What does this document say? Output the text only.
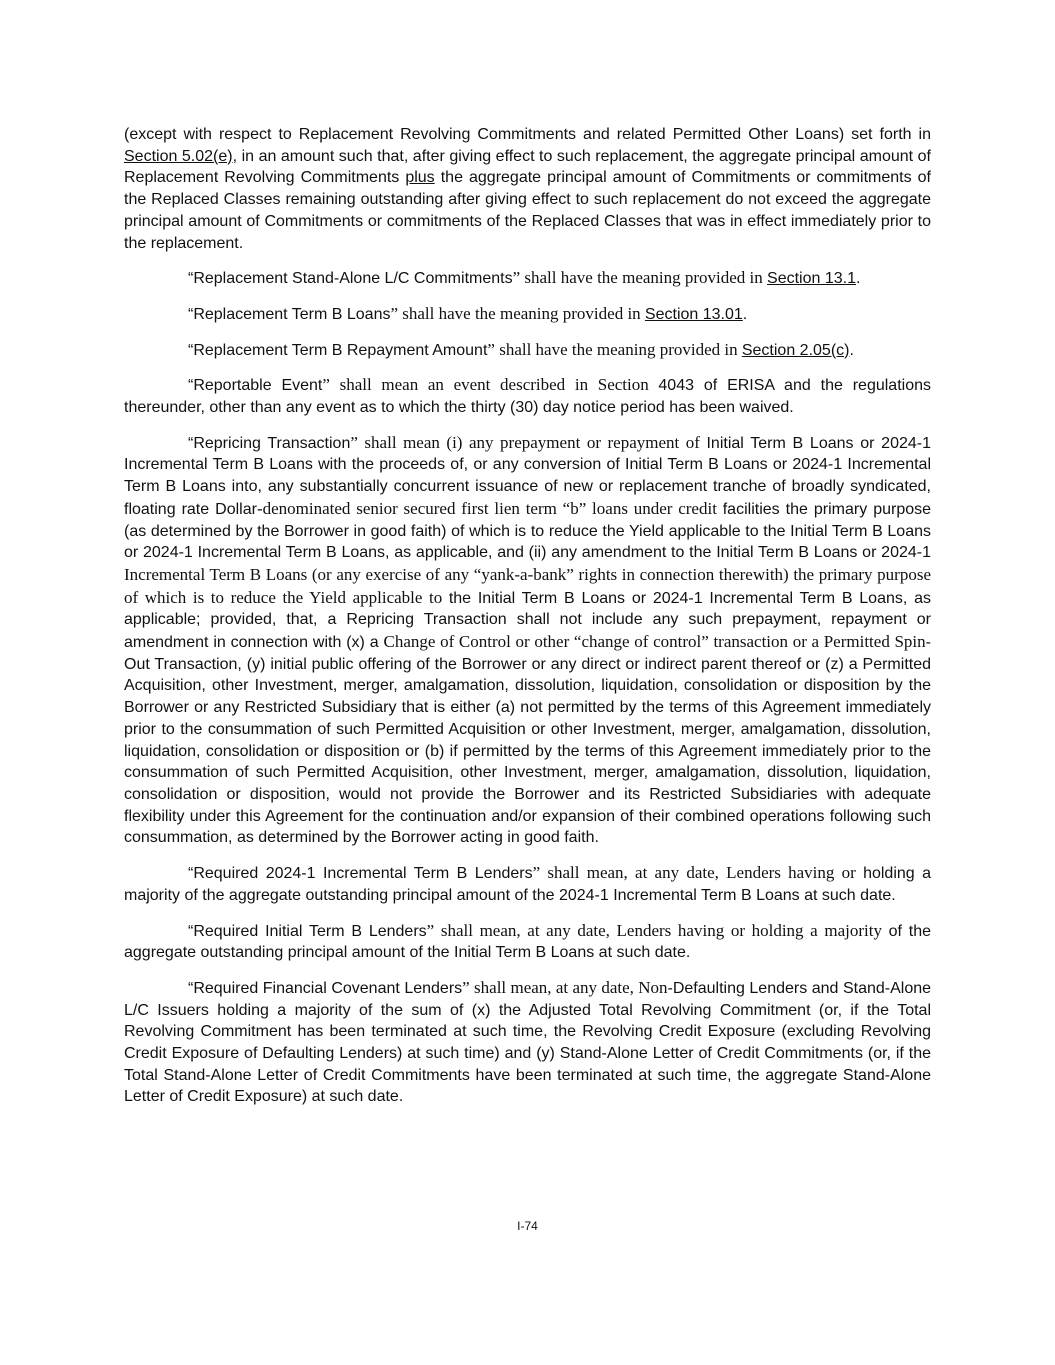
(except with respect to Replacement Revolving Commitments and related Permitted Other Loans) set forth in Section 5.02(e), in an amount such that, after giving effect to such replacement, the aggregate principal amount of Replacement Revolving Commitments plus the aggregate principal amount of Commitments or commitments of the Replaced Classes remaining outstanding after giving effect to such replacement do not exceed the aggregate principal amount of Commitments or commitments of the Replaced Classes that was in effect immediately prior to the replacement.

“Replacement Stand-Alone L/C Commitments” shall have the meaning provided in Section 13.1.

“Replacement Term B Loans” shall have the meaning provided in Section 13.01.

“Replacement Term B Repayment Amount” shall have the meaning provided in Section 2.05(c).

“Reportable Event” shall mean an event described in Section 4043 of ERISA and the regulations thereunder, other than any event as to which the thirty (30) day notice period has been waived.

“Repricing Transaction” shall mean (i) any prepayment or repayment of Initial Term B Loans or 2024-1 Incremental Term B Loans with the proceeds of, or any conversion of Initial Term B Loans or 2024-1 Incremental Term B Loans into, any substantially concurrent issuance of new or replacement tranche of broadly syndicated, floating rate Dollar-denominated senior secured first lien term “b” loans under credit facilities the primary purpose (as determined by the Borrower in good faith) of which is to reduce the Yield applicable to the Initial Term B Loans or 2024-1 Incremental Term B Loans, as applicable, and (ii) any amendment to the Initial Term B Loans or 2024-1 Incremental Term B Loans (or any exercise of any “yank-a-bank” rights in connection therewith) the primary purpose of which is to reduce the Yield applicable to the Initial Term B Loans or 2024-1 Incremental Term B Loans, as applicable; provided, that, a Repricing Transaction shall not include any such prepayment, repayment or amendment in connection with (x) a Change of Control or other “change of control” transaction or a Permitted Spin-Out Transaction, (y) initial public offering of the Borrower or any direct or indirect parent thereof or (z) a Permitted Acquisition, other Investment, merger, amalgamation, dissolution, liquidation, consolidation or disposition by the Borrower or any Restricted Subsidiary that is either (a) not permitted by the terms of this Agreement immediately prior to the consummation of such Permitted Acquisition or other Investment, merger, amalgamation, dissolution, liquidation, consolidation or disposition or (b) if permitted by the terms of this Agreement immediately prior to the consummation of such Permitted Acquisition, other Investment, merger, amalgamation, dissolution, liquidation, consolidation or disposition, would not provide the Borrower and its Restricted Subsidiaries with adequate flexibility under this Agreement for the continuation and/or expansion of their combined operations following such consummation, as determined by the Borrower acting in good faith.

“Required 2024-1 Incremental Term B Lenders” shall mean, at any date, Lenders having or holding a majority of the aggregate outstanding principal amount of the 2024-1 Incremental Term B Loans at such date.

“Required Initial Term B Lenders” shall mean, at any date, Lenders having or holding a majority of the aggregate outstanding principal amount of the Initial Term B Loans at such date.

“Required Financial Covenant Lenders” shall mean, at any date, Non-Defaulting Lenders and Stand-Alone L/C Issuers holding a majority of the sum of (x) the Adjusted Total Revolving Commitment (or, if the Total Revolving Commitment has been terminated at such time, the Revolving Credit Exposure (excluding Revolving Credit Exposure of Defaulting Lenders) at such time) and (y) Stand-Alone Letter of Credit Commitments (or, if the Total Stand-Alone Letter of Credit Commitments have been terminated at such time, the aggregate Stand-Alone Letter of Credit Exposure) at such date.

I-74
